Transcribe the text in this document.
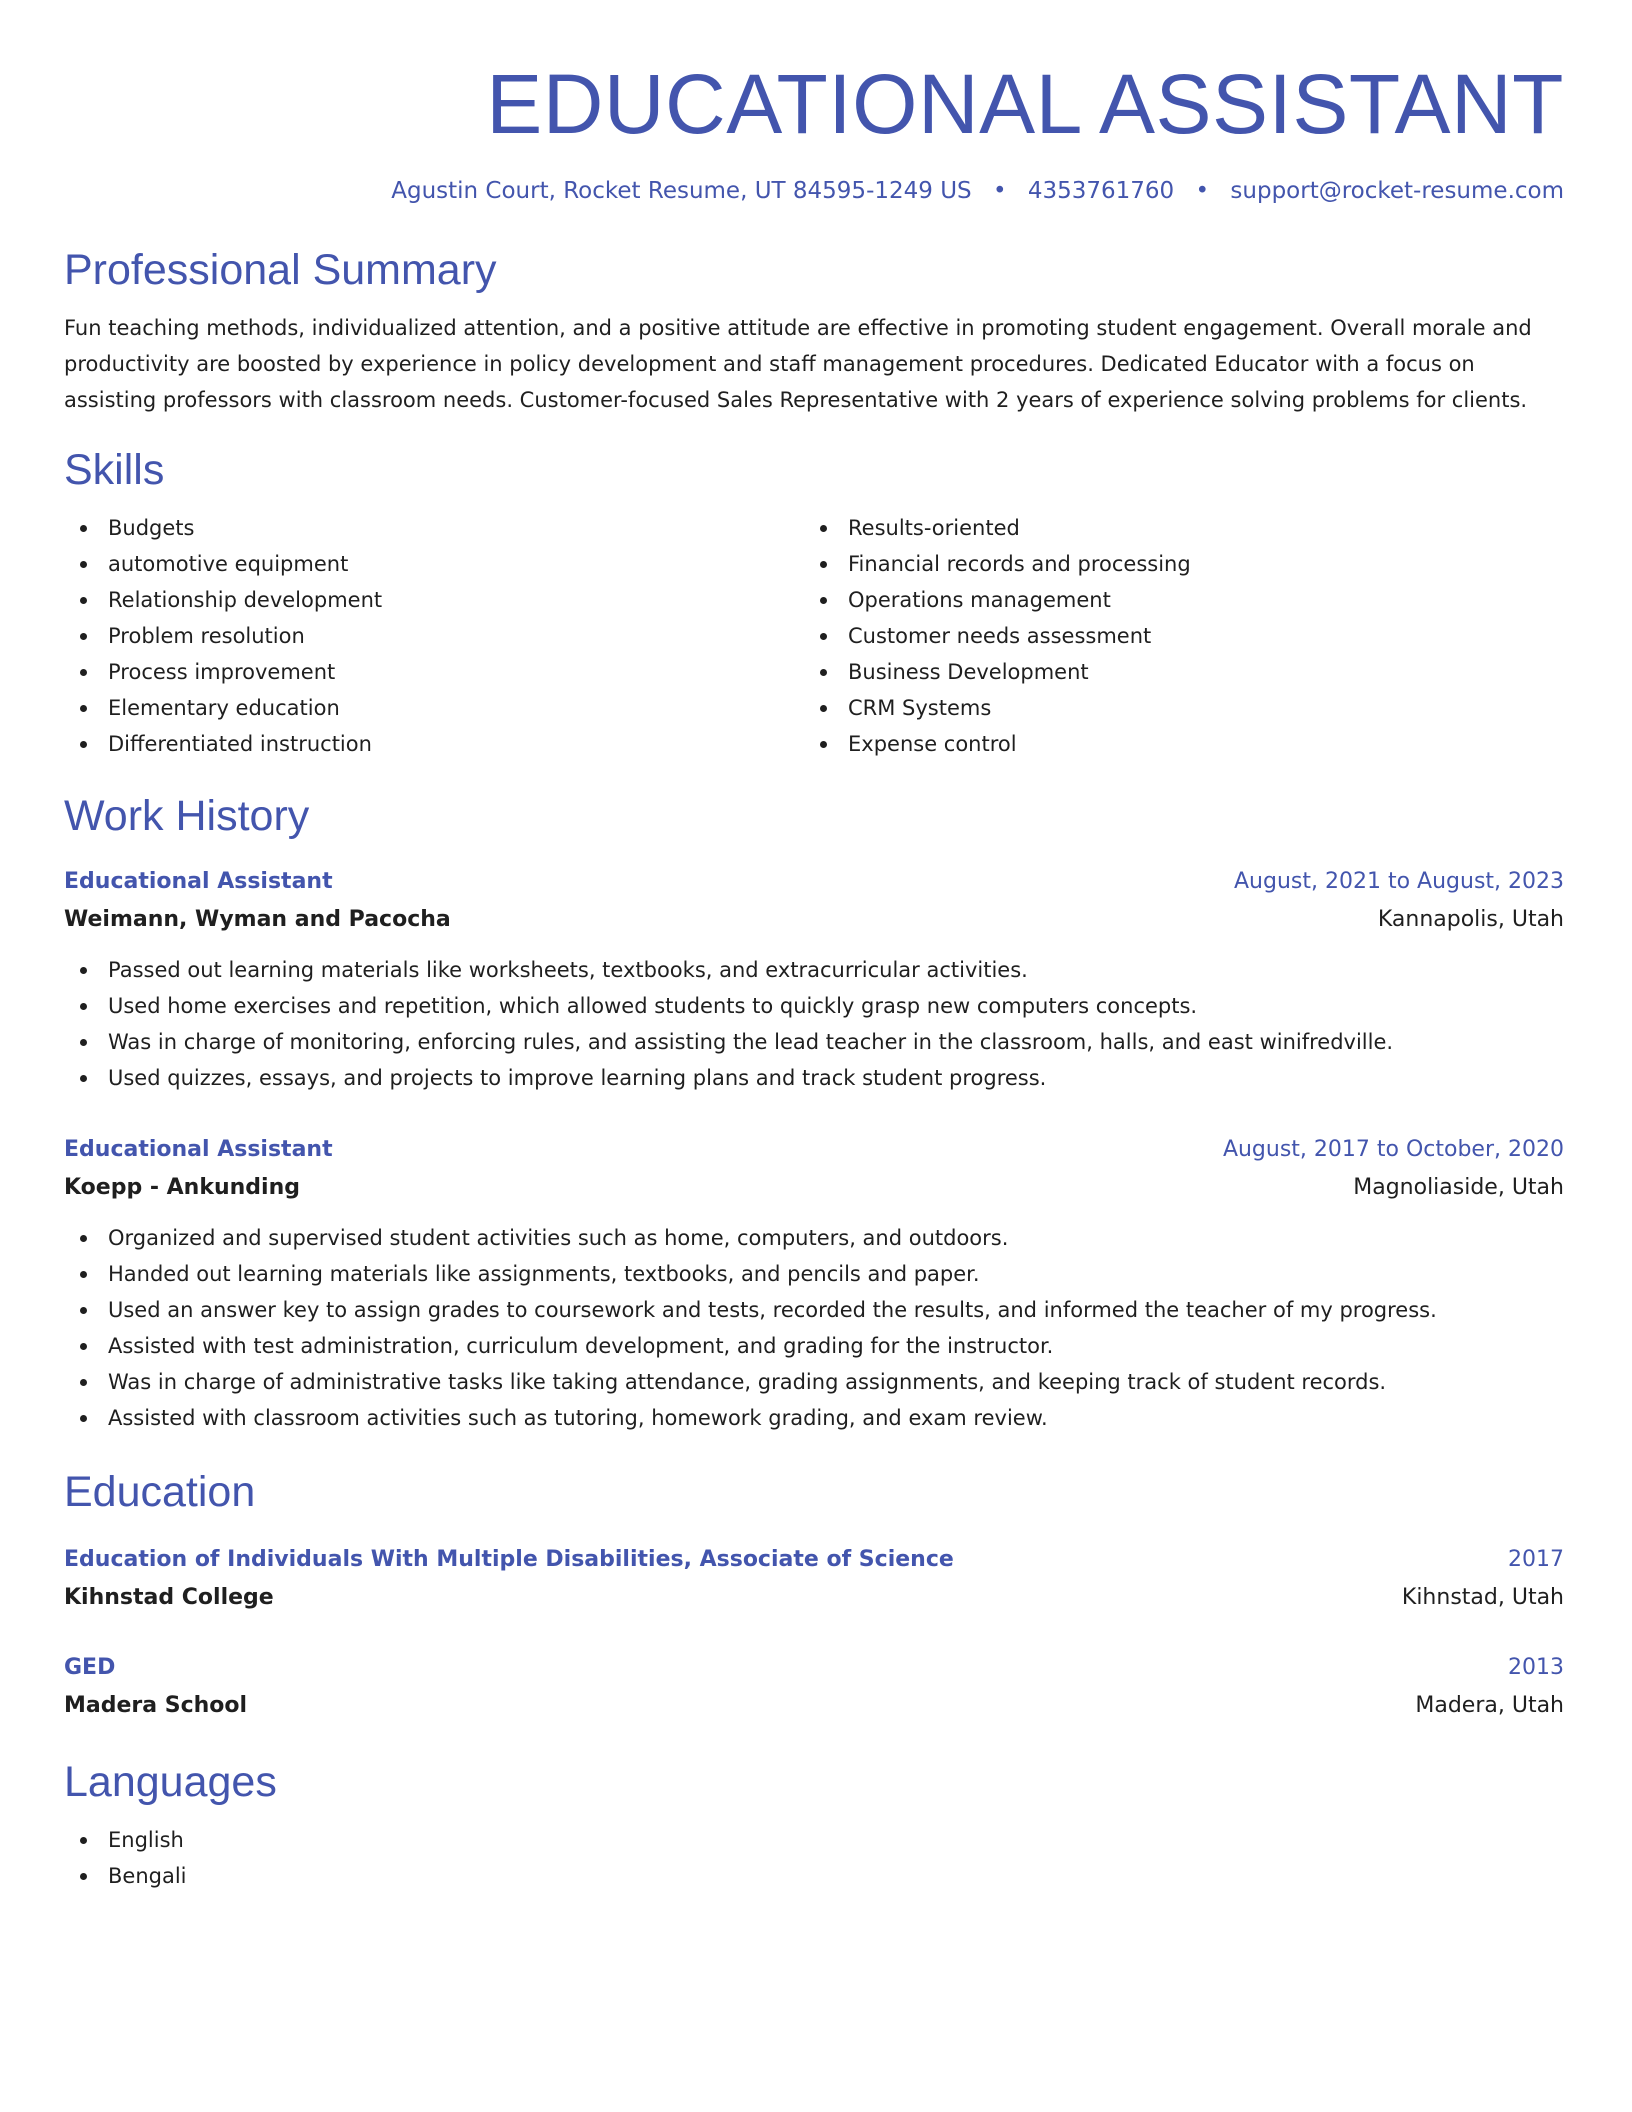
EDUCATIONAL ASSISTANT
Agustin Court, Rocket Resume, UT 84595-1249 US • 4353761760 • support@rocket-resume.com
Professional Summary

Fun teaching methods, individualized attention, and a positive attitude are effective in promoting student engagement. Overall morale and productivity are boosted by experience in policy development and staff management procedures. Dedicated Educator with a focus on assisting professors with classroom needs. Customer-focused Sales Representative with 2 years of experience solving problems for clients.

Skills
Budgets
automotive equipment
Relationship development
Problem resolution
Process improvement
Elementary education
Differentiated instruction
Results-oriented
Financial records and processing
Operations management
Customer needs assessment
Business Development
CRM Systems
Expense control
Work History
Educational Assistant	August, 2021 to August, 2023
Weimann, Wyman and Pacocha	Kannapolis, Utah
Passed out learning materials like worksheets, textbooks, and extracurricular activities.
Used home exercises and repetition, which allowed students to quickly grasp new computers concepts.
Was in charge of monitoring, enforcing rules, and assisting the lead teacher in the classroom, halls, and east winifredville.
Used quizzes, essays, and projects to improve learning plans and track student progress.
Educational Assistant	August, 2017 to October, 2020
Koepp - Ankunding	Magnoliaside, Utah
Organized and supervised student activities such as home, computers, and outdoors.
Handed out learning materials like assignments, textbooks, and pencils and paper.
Used an answer key to assign grades to coursework and tests, recorded the results, and informed the teacher of my progress.
Assisted with test administration, curriculum development, and grading for the instructor.
Was in charge of administrative tasks like taking attendance, grading assignments, and keeping track of student records.
Assisted with classroom activities such as tutoring, homework grading, and exam review.
Education
Education of Individuals With Multiple Disabilities, Associate of Science	2017
Kihnstad College	Kihnstad, Utah
GED	2013
Madera School	Madera, Utah
Languages
English
Bengali
